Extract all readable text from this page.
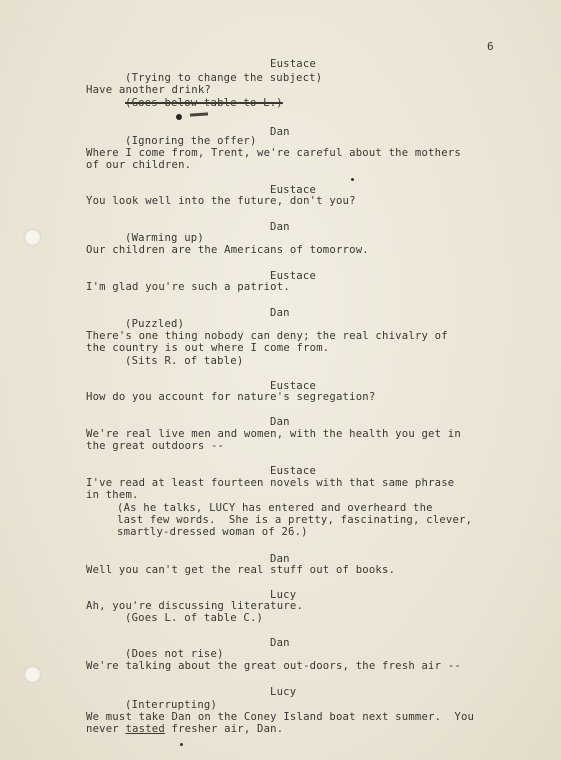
6
Eustace
(Trying to change the subject)
Have another drink?
(Goes below table to L.)
Dan
(Ignoring the offer)
Where I come from, Trent, we're careful about the mothers
of our children.
Eustace
You look well into the future, don't you?
Dan
(Warming up)
Our children are the Americans of tomorrow.
Eustace
I'm glad you're such a patriot.
Dan
(Puzzled)
There's one thing nobody can deny; the real chivalry of
the country is out where I come from.
(Sits R. of table)
Eustace
How do you account for nature's segregation?
Dan
We're real live men and women, with the health you get in
the great outdoors --
Eustace
I've read at least fourteen novels with that same phrase
in them.
(As he talks, LUCY has entered and overheard the
last few words.  She is a pretty, fascinating, clever,
smartly-dressed woman of 26.)
Dan
Well you can't get the real stuff out of books.
Lucy
Ah, you're discussing literature.
(Goes L. of table C.)
Dan
(Does not rise)
We're talking about the great out-doors, the fresh air --
Lucy
(Interrupting)
We must take Dan on the Coney Island boat next summer.  You
never tasted fresher air, Dan.
